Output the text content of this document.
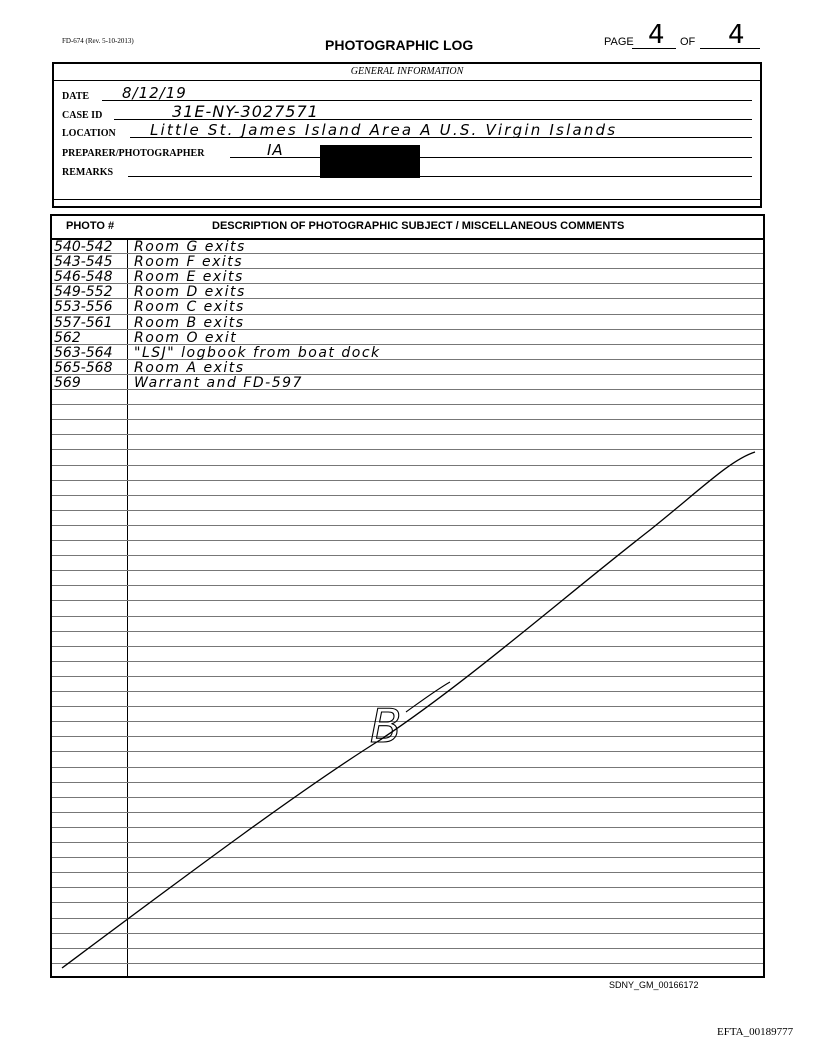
FD-674 (Rev. 5-10-2013)	PHOTOGRAPHIC LOG	PAGE 4 OF 4
GENERAL INFORMATION
DATE 8/12/19
CASE ID	31E-NY-3027571
LOCATION Little St. James Island Area A U.S. Virgin Islands
PREPARER/PHOTOGRAPHER	IA
REMARKS
PHOTO #	DESCRIPTION OF PHOTOGRAPHIC SUBJECT / MISCELLANEOUS COMMENTS
540-542	Room G exits
543-545	Room F exits
546-548	Room E exits
549-552	Room D exits
553-556	Room C exits
557-561	Room B exits
562	Room O exit
563-564	"LSJ" logbook from boat dock
565-568	Room A exits
569	Warrant and FD-597
B
SDNY_GM_00166172
EFTA_00189777
